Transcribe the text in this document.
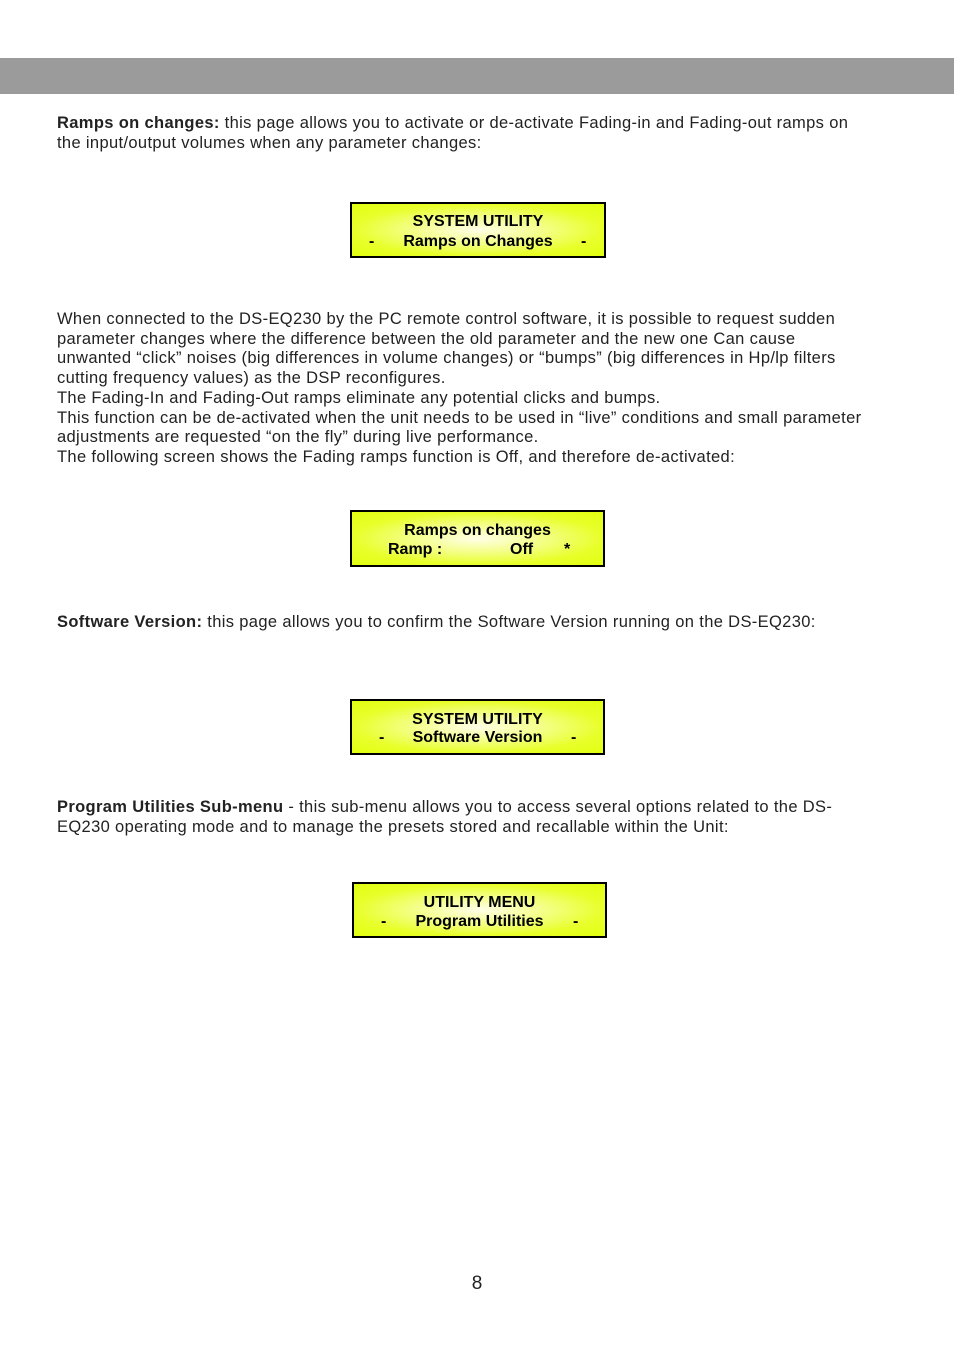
Ramps on changes: this page allows you to activate or de-activate Fading-in and Fading-out ramps on the input/output volumes when any parameter changes:

SYSTEM UTILITY
-	Ramps on Changes	-

When connected to the DS-EQ230 by the PC remote control software, it is possible to request sudden parameter changes where the difference between the old parameter and the new one Can cause unwanted “click” noises (big differences in volume changes) or “bumps” (big differences in Hp/lp filters cutting frequency values) as the DSP reconfigures.

The Fading-In and Fading-Out ramps eliminate any potential clicks and bumps.

This function can be de-activated when the unit needs to be used in “live” conditions and small parameter adjustments are requested “on the fly” during live performance.

The following screen shows the Fading ramps function is Off, and therefore de-activated:

Ramps on changes
Ramp :	Off *

Software Version: this page allows you to confirm the Software Version running on the DS-EQ230:

SYSTEM UTILITY
-	Software Version	-

Program Utilities Sub-menu - this sub-menu allows you to access several options related to the DS-EQ230 operating mode and to manage the presets stored and recallable within the Unit:

UTILITY MENU
-	Program Utilities	-
8
